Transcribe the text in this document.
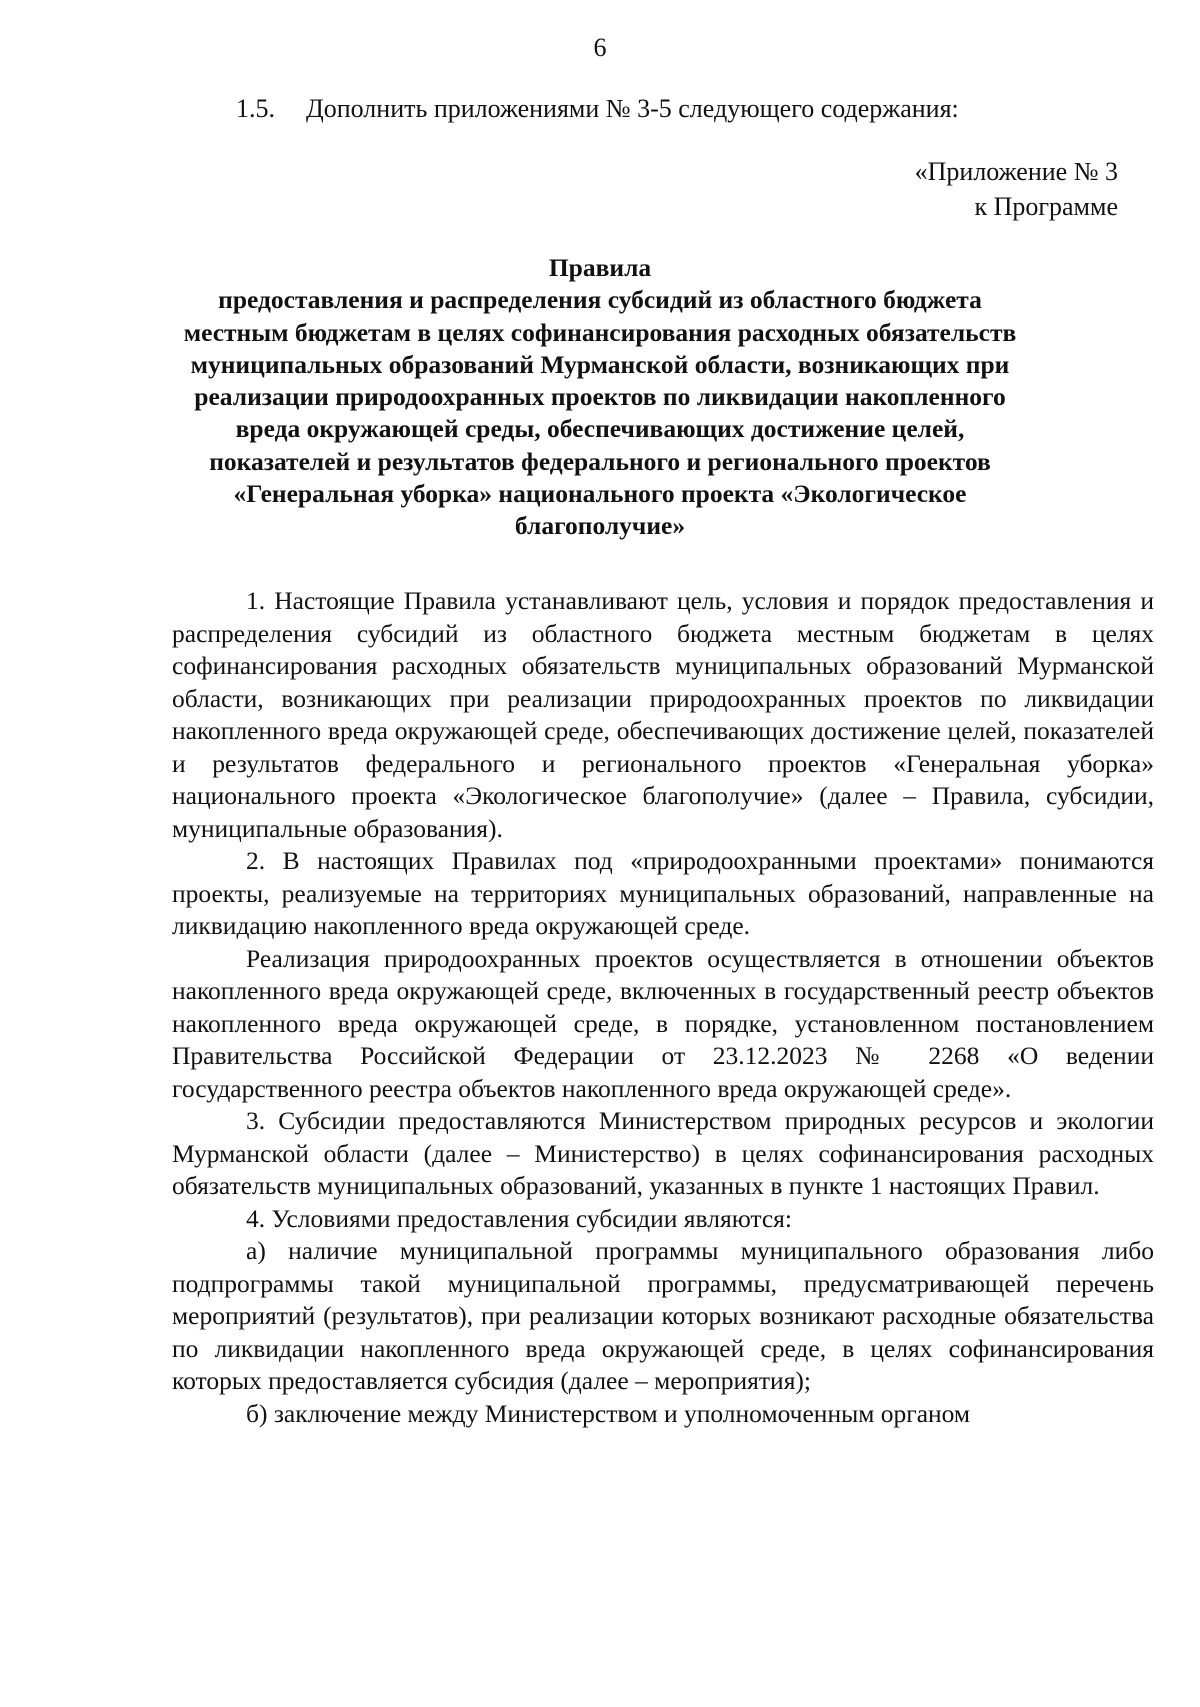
6
1.5. Дополнить приложениями № 3-5 следующего содержания:
«Приложение № 3
к Программе
Правила
предоставления и распределения субсидий из областного бюджета
местным бюджетам в целях софинансирования расходных обязательств
муниципальных образований Мурманской области, возникающих при
реализации природоохранных проектов по ликвидации накопленного
вреда окружающей среды, обеспечивающих достижение целей,
показателей и результатов федерального и регионального проектов
«Генеральная уборка» национального проекта «Экологическое
благополучие»

1. Настоящие Правила устанавливают цель, условия и порядок предоставления и распределения субсидий из областного бюджета местным бюджетам в целях софинансирования расходных обязательств муниципальных образований Мурманской области, возникающих при реализации природоохранных проектов по ликвидации накопленного вреда окружающей среде, обеспечивающих достижение целей, показателей и результатов федерального и регионального проектов «Генеральная уборка» национального проекта «Экологическое благополучие» (далее – Правила, субсидии, муниципальные образования).

2. В настоящих Правилах под «природоохранными проектами» понимаются проекты, реализуемые на территориях муниципальных образований, направленные на ликвидацию накопленного вреда окружающей среде.

Реализация природоохранных проектов осуществляется в отношении объектов накопленного вреда окружающей среде, включенных в государственный реестр объектов накопленного вреда окружающей среде, в порядке, установленном постановлением Правительства Российской Федерации от 23.12.2023 № 2268 «О ведении государственного реестра объектов накопленного вреда окружающей среде».

3. Субсидии предоставляются Министерством природных ресурсов и экологии Мурманской области (далее – Министерство) в целях софинансирования расходных обязательств муниципальных образований, указанных в пункте 1 настоящих Правил.

4. Условиями предоставления субсидии являются:

а) наличие муниципальной программы муниципального образования либо подпрограммы такой муниципальной программы, предусматривающей перечень мероприятий (результатов), при реализации которых возникают расходные обязательства по ликвидации накопленного вреда окружающей среде, в целях софинансирования которых предоставляется субсидия (далее – мероприятия);

б) заключение между Министерством и уполномоченным органом
